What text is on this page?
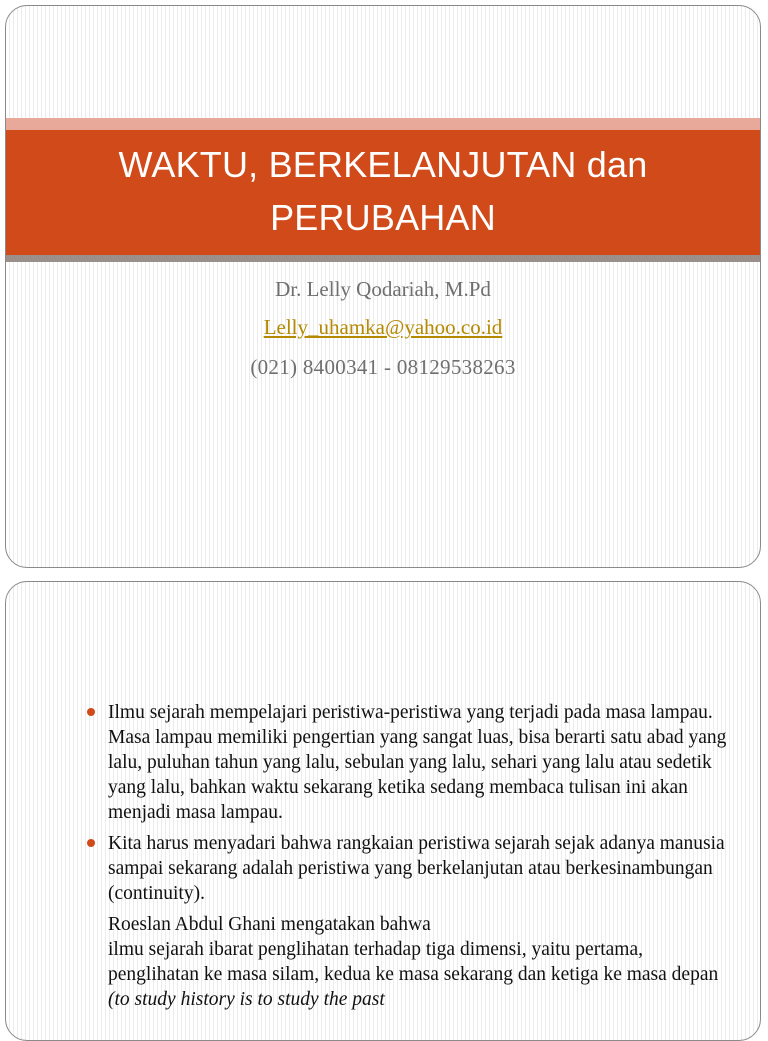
WAKTU, BERKELANJUTAN dan
PERUBAHAN
Dr. Lelly Qodariah, M.Pd
Lelly_uhamka@yahoo.co.id
(021) 8400341 - 08129538263
Ilmu sejarah mempelajari peristiwa-peristiwa yang terjadi pada masa lampau. Masa lampau memiliki pengertian yang sangat luas, bisa berarti satu abad yang lalu, puluhan tahun yang lalu, sebulan yang lalu, sehari yang lalu atau sedetik yang lalu, bahkan waktu sekarang ketika sedang membaca tulisan ini akan menjadi masa lampau.
Kita harus menyadari bahwa rangkaian peristiwa sejarah sejak adanya manusia sampai sekarang adalah peristiwa yang berkelanjutan atau berkesinambungan (continuity).
Roeslan Abdul Ghani mengatakan bahwa
ilmu sejarah ibarat penglihatan terhadap tiga dimensi, yaitu pertama, penglihatan ke masa silam, kedua ke masa sekarang dan ketiga ke masa depan (to study history is to study the past
